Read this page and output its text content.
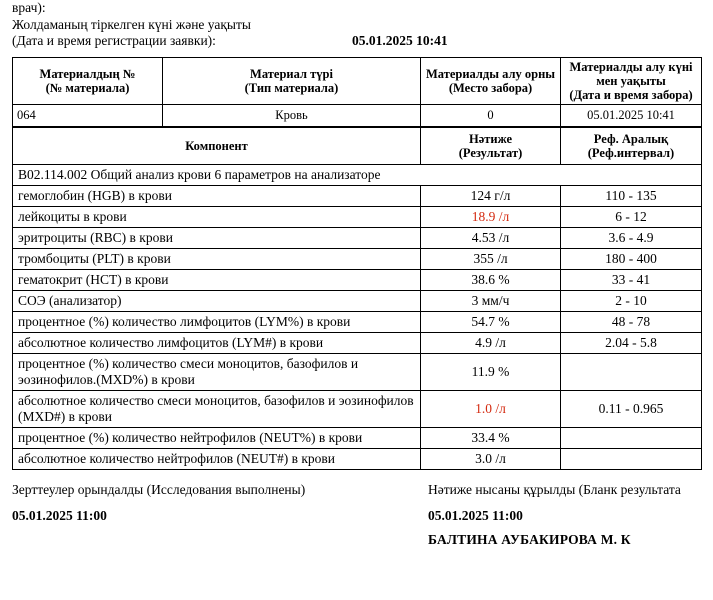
врач):
Жолдаманың тіркелген күні және уақыты
(Дата и время регистрации заявки):	05.01.2025 10:41
Материалдың №
(№ материала)

Материал түрі
(Тип материала)

Материалды алу орны
(Место забора)

Материалды алу күні
мен уақыты
(Дата и время забора)

064	Кровь	0	05.01.2025 10:41
Компонент	Нәтиже
(Результат)

Реф. Аралық
(Реф.интервал)

B02.114.002 Общий анализ крови 6 параметров на анализаторе		
гемоглобин (HGB) в крови	124 г/л	110 - 135
лейкоциты в крови	18.9 /л	6 - 12
эритроциты (RBC) в крови	4.53 /л	3.6 - 4.9
тромбоциты (PLT) в крови	355 /л	180 - 400
гематокрит (HCT) в крови	38.6 %	33 - 41
СОЭ (анализатор)	3 мм/ч	2 - 10
процентное (%) количество лимфоцитов (LYM%) в крови	54.7 %	48 - 78
абсолютное количество лимфоцитов (LYM#) в крови	4.9 /л	2.04 - 5.8
процентное (%) количество смеси моноцитов, базофилов и эозинофилов.(MXD%) в крови	11.9 %	
абсолютное количество смеси моноцитов, базофилов и эозинофилов (MXD#) в крови	1.0 /л	0.11 - 0.965
процентное (%) количество нейтрофилов (NEUT%) в крови	33.4 %	
абсолютное количество нейтрофилов (NEUT#) в крови	3.0 /л	
Зерттеулер орындалды (Исследования выполнены)
05.01.2025 11:00
Нәтиже нысаны құрылды (Бланк результата
05.01.2025 11:00
БАЛТИНА АУБАКИРОВА М. К
